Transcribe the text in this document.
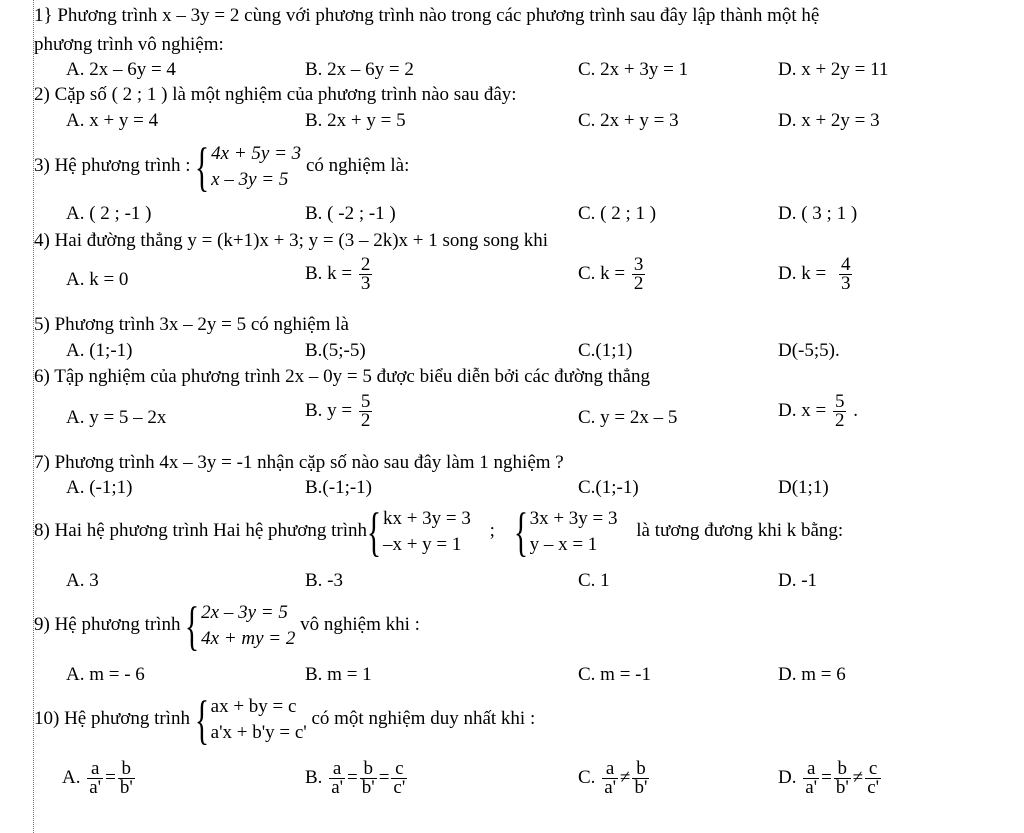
1} Phương trình x – 3y = 2 cùng với phương trình nào trong các phương trình sau đây lập thành một hệ
phương trình vô nghiệm:
A. 2x – 6y = 4	B. 2x – 6y = 2	C. 2x + 3y = 1	D. x + 2y = 11
2) Cặp số ( 2 ; 1 ) là một nghiệm của phương trình nào sau đây:
A. x + y = 4	B. 2x + y = 5	C. 2x + y = 3	D. x + 2y = 3
3) Hệ phương trình : { 4x + 5y = 3
x – 3y = 5
có nghiệm là:
A. ( 2 ; -1 )	B. ( -2 ; -1 )	C. ( 2 ; 1 )	D. ( 3 ; 1 )
4) Hai đường thẳng y = (k+1)x + 3; y = (3 – 2k)x + 1 song song khi
A. k = 0	B. $k = \frac{2}{3}$	C. $k = \frac{3}{2}$	D. $k = \frac{4}{3}$
5) Phương trình 3x – 2y = 5 có nghiệm là
A. (1;-1)	B.(5;-5)	C.(1;1)	D(-5;5).
6) Tập nghiệm của phương trình 2x – 0y = 5 được biểu diễn bởi các đường thẳng
A. y = 5 – 2x	B. $y = \frac{5}{2}$	C. y = 2x – 5	D. $x = \frac{5}{2}$ .
7) Phương trình 4x – 3y = -1 nhận cặp số nào sau đây làm 1 nghiệm ?
A. (-1;1)	B.(-1;-1)	C.(1;-1)	D(1;1)
8) Hai hệ phương trình Hai hệ phương trình { kx + 3y = 3
–x + y = 1
; { 3x + 3y = 3
y – x = 1
là tương đương khi k bằng:
A. 3	B. -3	C. 1	D. -1
9) Hệ phương trình { 2x – 3y = 5
4x + my = 2
vô nghiệm khi :
A. m = - 6	B. m = 1	C. m = -1	D. m = 6
10) Hệ phương trình { ax + by = c
a'x + b'y = c'
có một nghiệm duy nhất khi :
A. $\frac{a}{a'} = \frac{b}{b'}$	B. $\frac{a}{a'} = \frac{b}{b'} = \frac{c}{c'}$	C. $\frac{a}{a'} \ne \frac{b}{b'}$	D. $\frac{a}{a'} = \frac{b}{b'} \ne \frac{c}{c'}$
